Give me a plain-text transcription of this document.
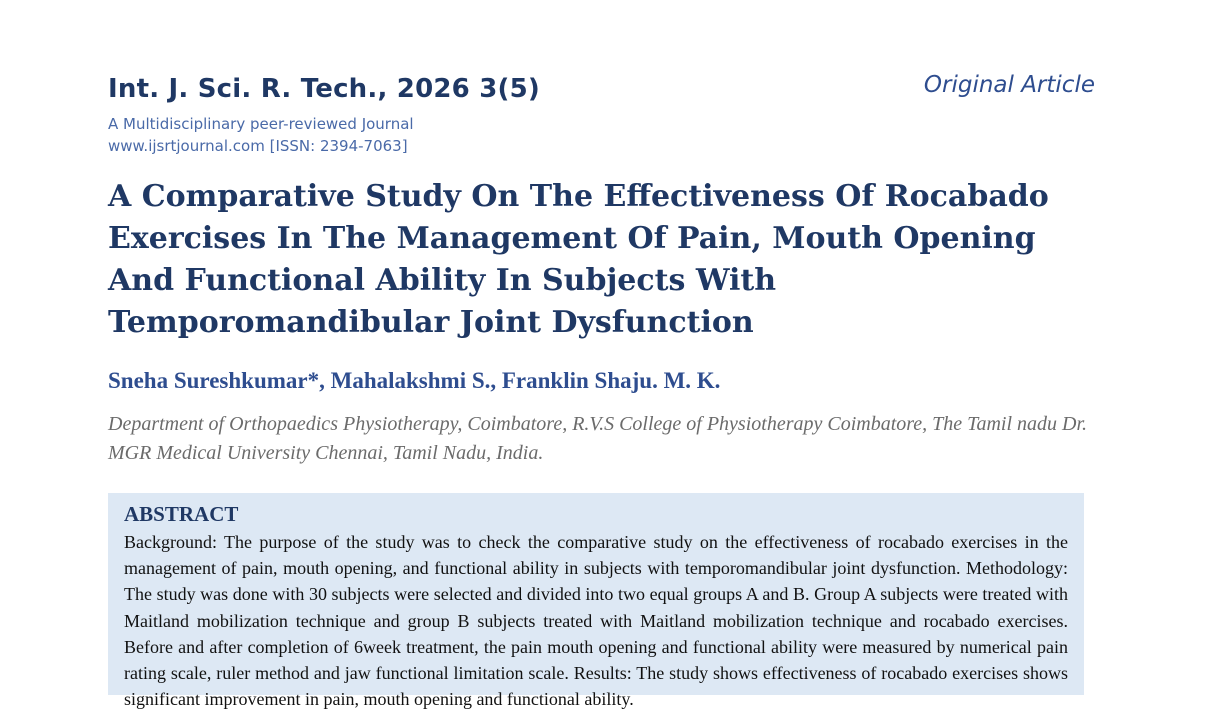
Int. J. Sci. R. Tech., 2026 3(5)	Original Article
A Multidisciplinary peer-reviewed Journal
www.ijsrtjournal.com [ISSN: 2394-7063]
A Comparative Study On The Effectiveness Of Rocabado Exercises In The Management Of Pain, Mouth Opening And Functional Ability In Subjects With Temporomandibular Joint Dysfunction
Sneha Sureshkumar*, Mahalakshmi S., Franklin Shaju. M. K.
Department of Orthopaedics Physiotherapy, Coimbatore, R.V.S College of Physiotherapy Coimbatore, The Tamil nadu Dr. MGR Medical University Chennai, Tamil Nadu, India.
ABSTRACT
Background: The purpose of the study was to check the comparative study on the effectiveness of rocabado exercises in the management of pain, mouth opening, and functional ability in subjects with temporomandibular joint dysfunction. Methodology: The study was done with 30 subjects were selected and divided into two equal groups A and B. Group A subjects were treated with Maitland mobilization technique and group B subjects treated with Maitland mobilization technique and rocabado exercises. Before and after completion of 6week treatment, the pain mouth opening and functional ability were measured by numerical pain rating scale, ruler method and jaw functional limitation scale. Results: The study shows effectiveness of rocabado exercises shows significant improvement in pain, mouth opening and functional ability.
